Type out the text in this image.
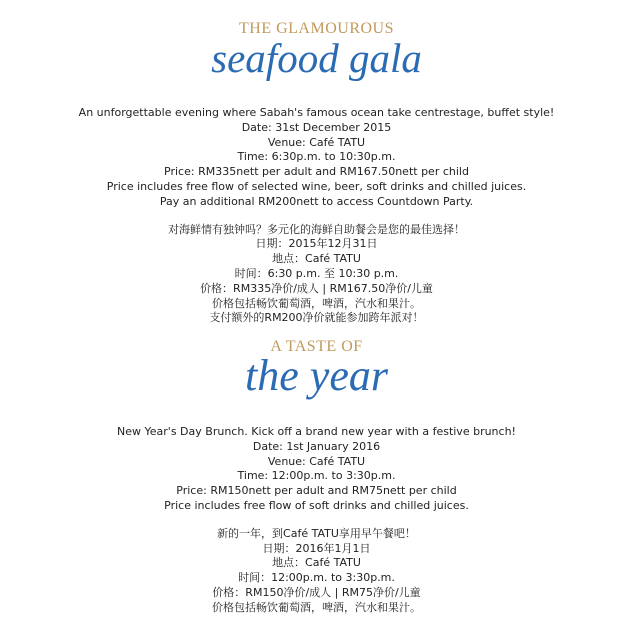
THE GLAMOUROUS
seafood gala
An unforgettable evening where Sabah's famous ocean take centrestage, buffet style!
Date: 31st December 2015
Venue: Café TATU
Time: 6:30p.m. to 10:30p.m.
Price: RM335nett per adult and RM167.50nett per child
Price includes free flow of selected wine, beer, soft drinks and chilled juices.
Pay an additional RM200nett to access Countdown Party.
对海鲜情有独钟吗？多元化的海鲜自助餐会是您的最佳选择！
日期：2015年12月31日
地点：Café TATU
时间：6:30 p.m. 至 10:30 p.m.
价格：RM335净价/成人 | RM167.50净价/儿童
价格包括畅饮葡萄酒，啤酒，汽水和果汁。
支付额外的RM200净价就能参加跨年派对！
A TASTE OF
the year
New Year's Day Brunch. Kick off a brand new year with a festive brunch!
Date: 1st January 2016
Venue: Café TATU
Time: 12:00p.m. to 3:30p.m.
Price: RM150nett per adult and RM75nett per child
Price includes free flow of soft drinks and chilled juices.
新的一年，到Café TATU享用早午餐吧！
日期：2016年1月1日
地点：Café TATU
时间：12:00p.m. to 3:30p.m.
价格：RM150净价/成人 | RM75净价/儿童
价格包括畅饮葡萄酒，啤酒，汽水和果汁。
